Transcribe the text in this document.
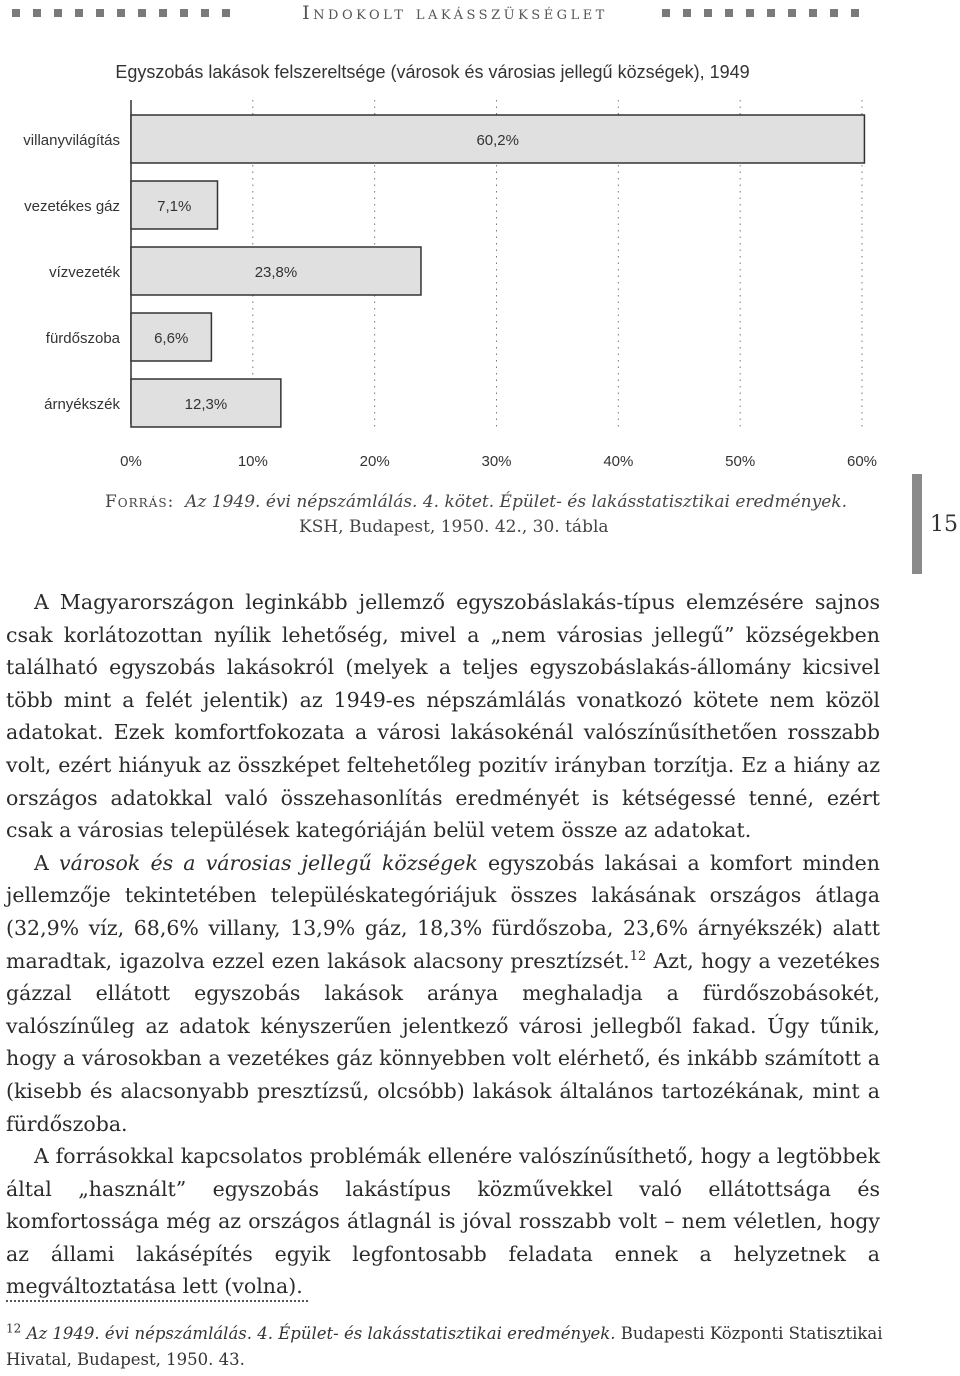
Indokolt lakásszükséglet
Egyszobás lakások felszereltsége (városok és városias jellegű községek), 1949
villanyvilágítás	60,2%
vezetékes gáz 7,1%
vízvezeték	23,8%
fürdőszoba 6,6%
árnyékszék	12,3%
0%	10%	20%	30%	40%	50%	60%
Forrás: Az 1949. évi népszámlálás. 4. kötet. Épület- és lakásstatisztikai eredmények.
KSH, Budapest, 1950. 42., 30. tábla	15

A Magyarországon leginkább jellemző egyszobáslakás-típus elemzésére sajnos csak korlátozottan nyílik lehetőség, mivel a „nem városias jellegű” községekben található egyszobás lakásokról (melyek a teljes egyszobáslakás-állomány kicsivel több mint a felét jelentik) az 1949-es népszámlálás vonatkozó kötete nem közöl adatokat. Ezek komfortfokozata a városi lakásokénál valószínűsíthetően rosszabb volt, ezért hiányuk az összképet feltehetőleg pozitív irányban torzítja. Ez a hiány az országos adatokkal való összehasonlítás eredményét is kétségessé tenné, ezért csak a városias települések kategóriáján belül vetem össze az adatokat.

A városok és a városias jellegű községek egyszobás lakásai a komfort minden jellemzője tekintetében településkategóriájuk összes lakásának országos átlaga (32,9% víz, 68,6% villany, 13,9% gáz, 18,3% fürdőszoba, 23,6% árnyékszék) alatt maradtak, igazolva ezzel ezen lakások alacsony presztízsét.$^{12}$ Azt, hogy a vezetékes gázzal ellátott egyszobás lakások aránya meghaladja a fürdőszobásokét, valószínűleg az adatok kényszerűen jelentkező városi jellegből fakad. Úgy tűnik, hogy a városokban a vezetékes gáz könnyebben volt elérhető, és inkább számított a (kisebb és alacsonyabb presztízsű, olcsóbb) lakások általános tartozékának, mint a fürdőszoba.

A forrásokkal kapcsolatos problémák ellenére valószínűsíthető, hogy a legtöbbek által „használt” egyszobás lakástípus közművekkel való ellátottsága és komfortossága még az országos átlagnál is jóval rosszabb volt – nem véletlen, hogy az állami lakásépítés egyik legfontosabb feladata ennek a helyzetnek a megváltoztatása lett (volna).

$^{12}$ Az 1949. évi népszámlálás. 4. Épület- és lakásstatisztikai eredmények. Budapesti Központi Statisztikai Hivatal, Budapest, 1950. 43.
